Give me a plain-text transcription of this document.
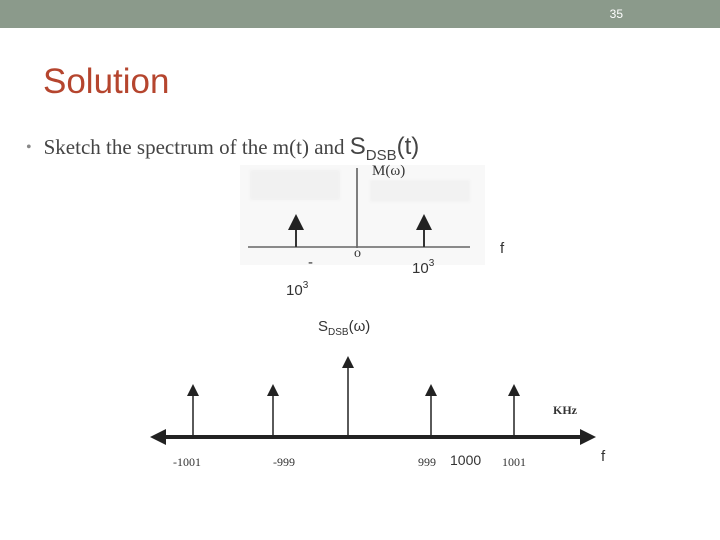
35
Solution
• Sketch the spectrum of the m(t) and $S_{DSB}(t)$
M(ω)
o
-
$10^3$
$10^3$
f
$S_{DSB}(\omega)$
KHz
-1001	-999	999 1000 1001	f
